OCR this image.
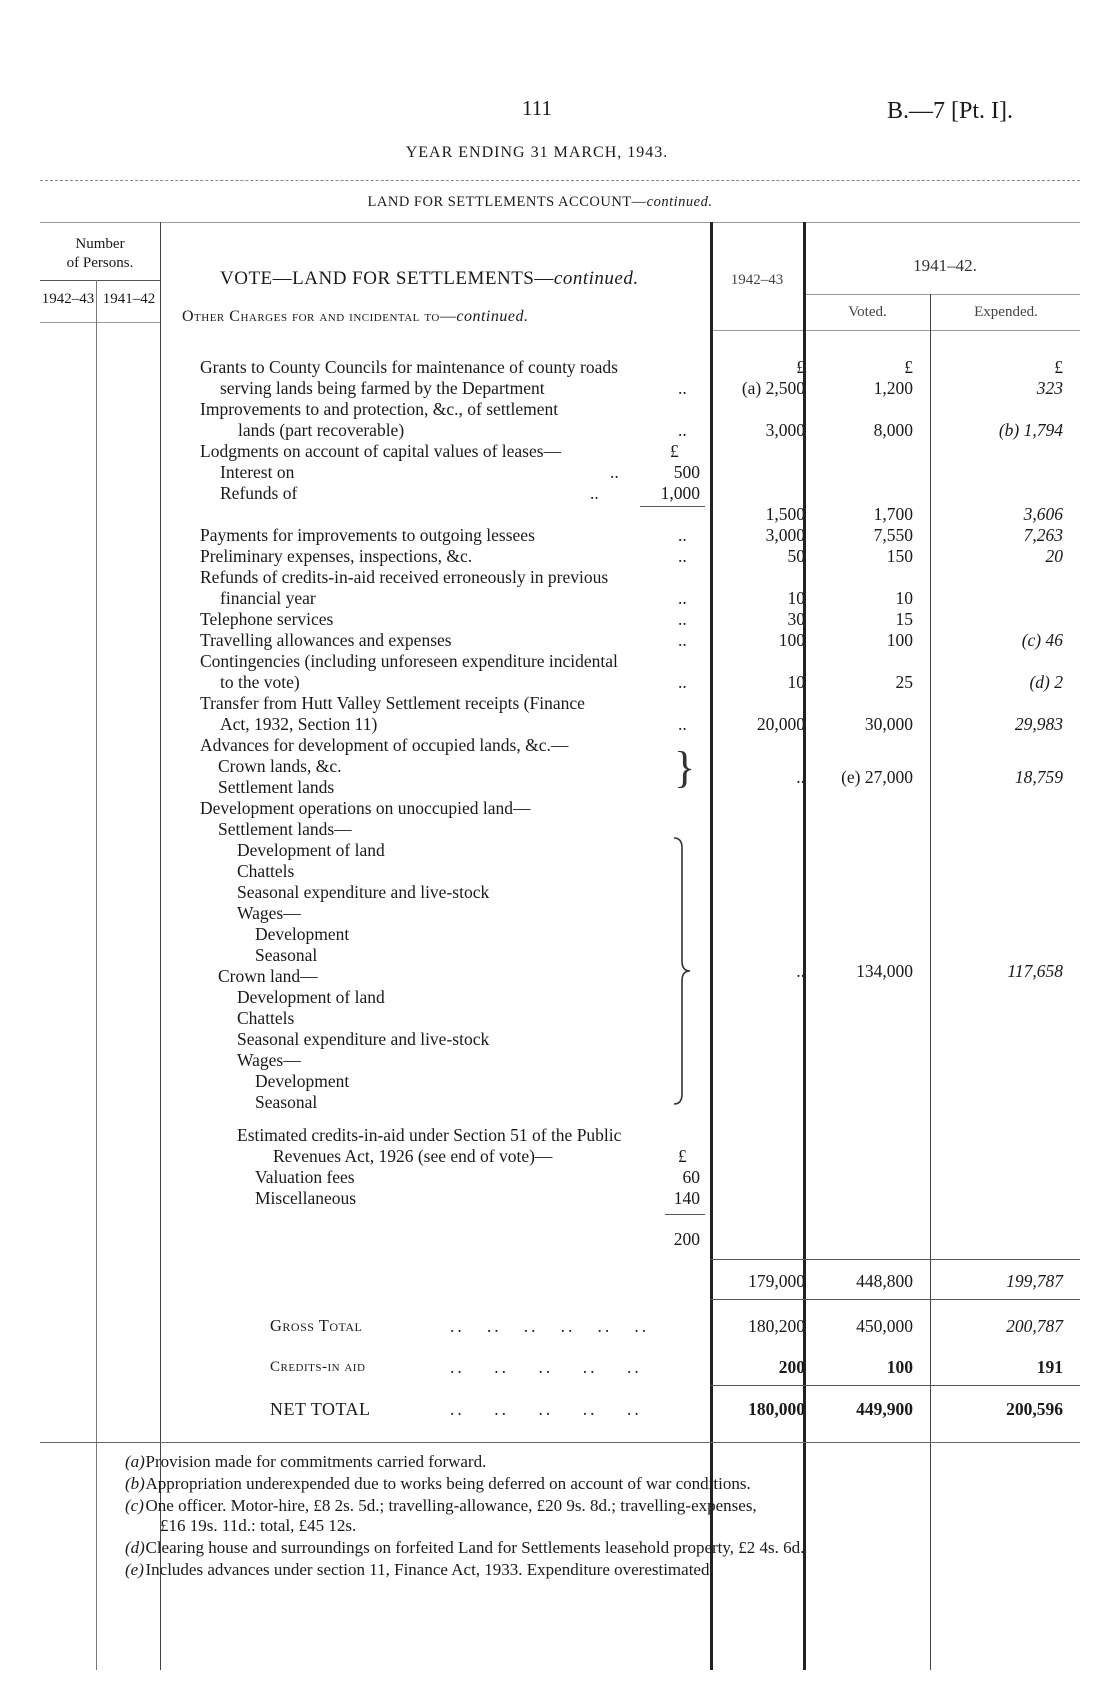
111
YEAR ENDING 31 MARCH, 1943.
B.—7 [Pt. I].
LAND FOR SETTLEMENTS ACCOUNT—continued.
Number
of Persons.
1942–43 1941–42
VOTE—LAND FOR SETTLEMENTS—continued.
Other Charges for and incidental to—continued.
1942–43
1941–42.
Voted.	Expended.
£	£	£
Grants to County Councils for maintenance of county roads
serving lands being farmed by the Department	..	(a) 2,500	1,200	323
Improvements to and protection, &c., of settlement
lands (part recoverable)	..	3,000	8,000	(b) 1,794
Lodgments on account of capital values of leases—	£
Interest on	..	500
Refunds of	..	1,000
1,500	1,700	3,606
Payments for improvements to outgoing lessees	..	3,000	7,550	7,263
Preliminary expenses, inspections, &c.	..	50	150	20
Refunds of credits-in-aid received erroneously in previous
financial year	..	10	10
Telephone services	..	30	15
Travelling allowances and expenses	..	100	100	(c) 46
Contingencies (including unforeseen expenditure incidental
to the vote)	..	10	25	(d) 2
Transfer from Hutt Valley Settlement receipts (Finance
Act, 1932, Section 11)	..	20,000	30,000	29,983
Advances for development of occupied lands, &c.—
Crown lands, &c.
Settlement lands	}	..	(e) 27,000	18,759
Development operations on unoccupied land—
Settlement lands—
Development of land
Chattels
Seasonal expenditure and live-stock
Wages—
Development
Seasonal
Crown land—
Development of land
Chattels
Seasonal expenditure and live-stock
Wages—
Development
Seasonal
..	134,000	117,658
Estimated credits-in-aid under Section 51 of the Public
Revenues Act, 1926 (see end of vote)—	£
Valuation fees	60
Miscellaneous	140
200
179,000	448,800	199,787
Gross Total	..   ..   ..   ..   ..   ..	180,200	450,000	200,787
Credits-in aid	..    ..    ..    ..    ..	200	100	191
NET TOTAL	..    ..    ..    ..    ..	180,000	449,900	200,596
(a)  Provision made for commitments carried forward.
(b)  Appropriation underexpended due to works being deferred on account of war conditions.
(c)  One officer. Motor-hire, £8 2s. 5d.; travelling-allowance, £20 9s. 8d.; travelling-expenses,
£16 19s. 11d.: total, £45 12s.
(d)  Clearing house and surroundings on forfeited Land for Settlements leasehold property, £2 4s. 6d.
(e)  Includes advances under section 11, Finance Act, 1933. Expenditure overestimated.
